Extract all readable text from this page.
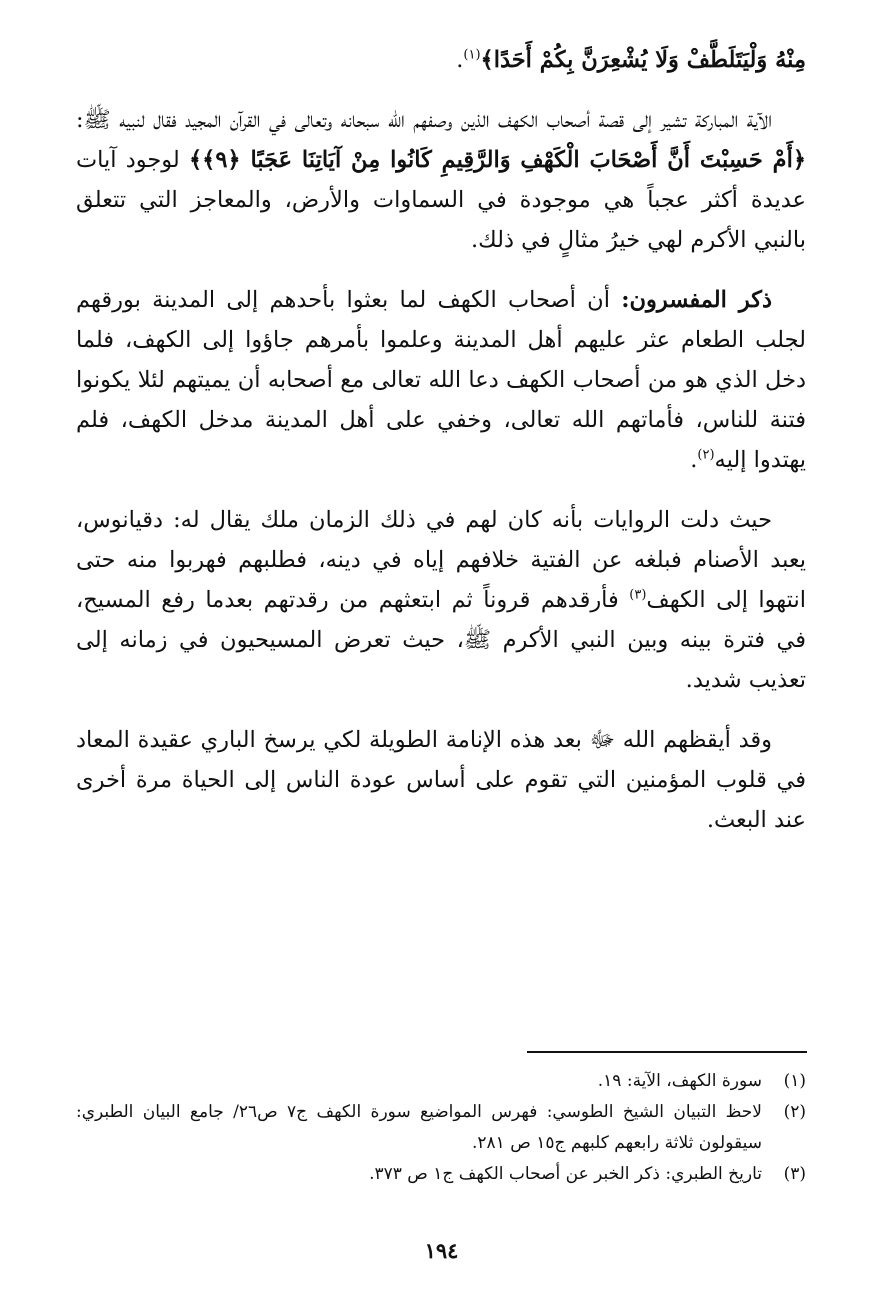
مِنْهُ وَلْيَتَلَطَّفْ وَلَا يُشْعِرَنَّ بِكُمْ أَحَدًا﴾$^{(١)}$.

الآية المباركة تشير إلى قصة أصحاب الكهف الذين وصفهم الله سبحانه وتعالى في القرآن المجيد فقال لنبيه ﷺ: ﴿أَمْ حَسِبْتَ أَنَّ أَصْحَابَ الْكَهْفِ وَالرَّقِيمِ كَانُوا مِنْ آيَاتِنَا عَجَبًا ﴿٩﴾﴾ لوجود آيات عديدة أكثر عجباً هي موجودة في السماوات والأرض، والمعاجز التي تتعلق بالنبي الأكرم لهي خيرُ مثالٍ في ذلك.

ذكر المفسرون: أن أصحاب الكهف لما بعثوا بأحدهم إلى المدينة بورقهم لجلب الطعام عثر عليهم أهل المدينة وعلموا بأمرهم جاؤوا إلى الكهف، فلما دخل الذي هو من أصحاب الكهف دعا الله تعالى مع أصحابه أن يميتهم لئلا يكونوا فتنة للناس، فأماتهم الله تعالى، وخفي على أهل المدينة مدخل الكهف، فلم يهتدوا إليه$^{(٢)}$.

حيث دلت الروايات بأنه كان لهم في ذلك الزمان ملك يقال له: دقيانوس، يعبد الأصنام فبلغه عن الفتية خلافهم إياه في دينه، فطلبهم فهربوا منه حتى انتهوا إلى الكهف$^{(٣)}$ فأرقدهم قروناً ثم ابتعثهم من رقدتهم بعدما رفع المسيح، في فترة بينه وبين النبي الأكرم ﷺ، حيث تعرض المسيحيون في زمانه إلى تعذيب شديد.

وقد أيقظهم الله ﷻ بعد هذه الإنامة الطويلة لكي يرسخ الباري عقيدة المعاد في قلوب المؤمنين التي تقوم على أساس عودة الناس إلى الحياة مرة أخرى عند البعث.

(١)
سورة الكهف، الآية: ١٩.
(٢)
لاحظ التبيان الشيخ الطوسي: فهرس المواضيع سورة الكهف ج٧ ص٢٦/ جامع البيان الطبري: سيقولون ثلاثة رابعهم كلبهم ج١٥ ص ٢٨١.
(٣)
تاريخ الطبري: ذكر الخبر عن أصحاب الكهف ج١ ص ٣٧٣.
١٩٤
